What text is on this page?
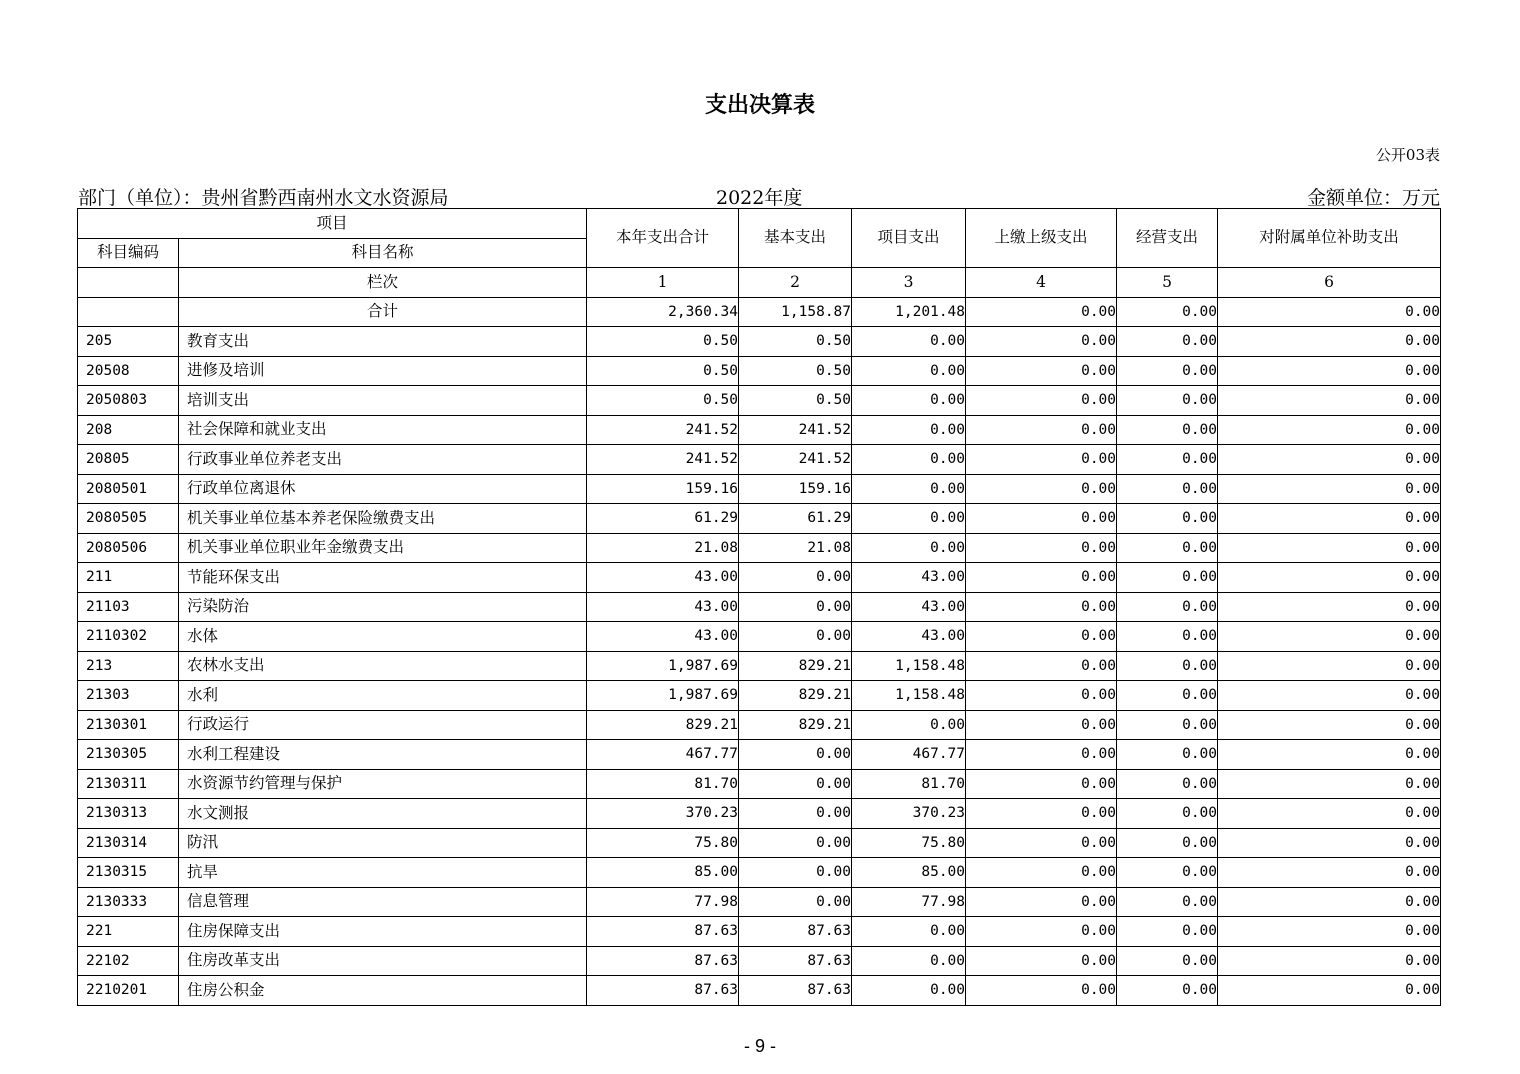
支出决算表
公开03表
部门（单位）：贵州省黔西南州水文水资源局	2022年度	金额单位：万元
项目		本年支出合计	基本支出	项目支出	上缴上级支出	经营支出	对附属单位补助支出
科目编码	科目名称						
	栏次	1	2	3	4	5	6
	合计	2,360.34	1,158.87	1,201.48	0.00	0.00	0.00
205	教育支出	0.50	0.50	0.00	0.00	0.00	0.00
20508	进修及培训	0.50	0.50	0.00	0.00	0.00	0.00
2050803	培训支出	0.50	0.50	0.00	0.00	0.00	0.00
208	社会保障和就业支出	241.52	241.52	0.00	0.00	0.00	0.00
20805	行政事业单位养老支出	241.52	241.52	0.00	0.00	0.00	0.00
2080501	行政单位离退休	159.16	159.16	0.00	0.00	0.00	0.00
2080505	机关事业单位基本养老保险缴费支出	61.29	61.29	0.00	0.00	0.00	0.00
2080506	机关事业单位职业年金缴费支出	21.08	21.08	0.00	0.00	0.00	0.00
211	节能环保支出	43.00	0.00	43.00	0.00	0.00	0.00
21103	污染防治	43.00	0.00	43.00	0.00	0.00	0.00
2110302	水体	43.00	0.00	43.00	0.00	0.00	0.00
213	农林水支出	1,987.69	829.21	1,158.48	0.00	0.00	0.00
21303	水利	1,987.69	829.21	1,158.48	0.00	0.00	0.00
2130301	行政运行	829.21	829.21	0.00	0.00	0.00	0.00
2130305	水利工程建设	467.77	0.00	467.77	0.00	0.00	0.00
2130311	水资源节约管理与保护	81.70	0.00	81.70	0.00	0.00	0.00
2130313	水文测报	370.23	0.00	370.23	0.00	0.00	0.00
2130314	防汛	75.80	0.00	75.80	0.00	0.00	0.00
2130315	抗旱	85.00	0.00	85.00	0.00	0.00	0.00
2130333	信息管理	77.98	0.00	77.98	0.00	0.00	0.00
221	住房保障支出	87.63	87.63	0.00	0.00	0.00	0.00
22102	住房改革支出	87.63	87.63	0.00	0.00	0.00	0.00
2210201	住房公积金	87.63	87.63	0.00	0.00	0.00	0.00
- 9 -
